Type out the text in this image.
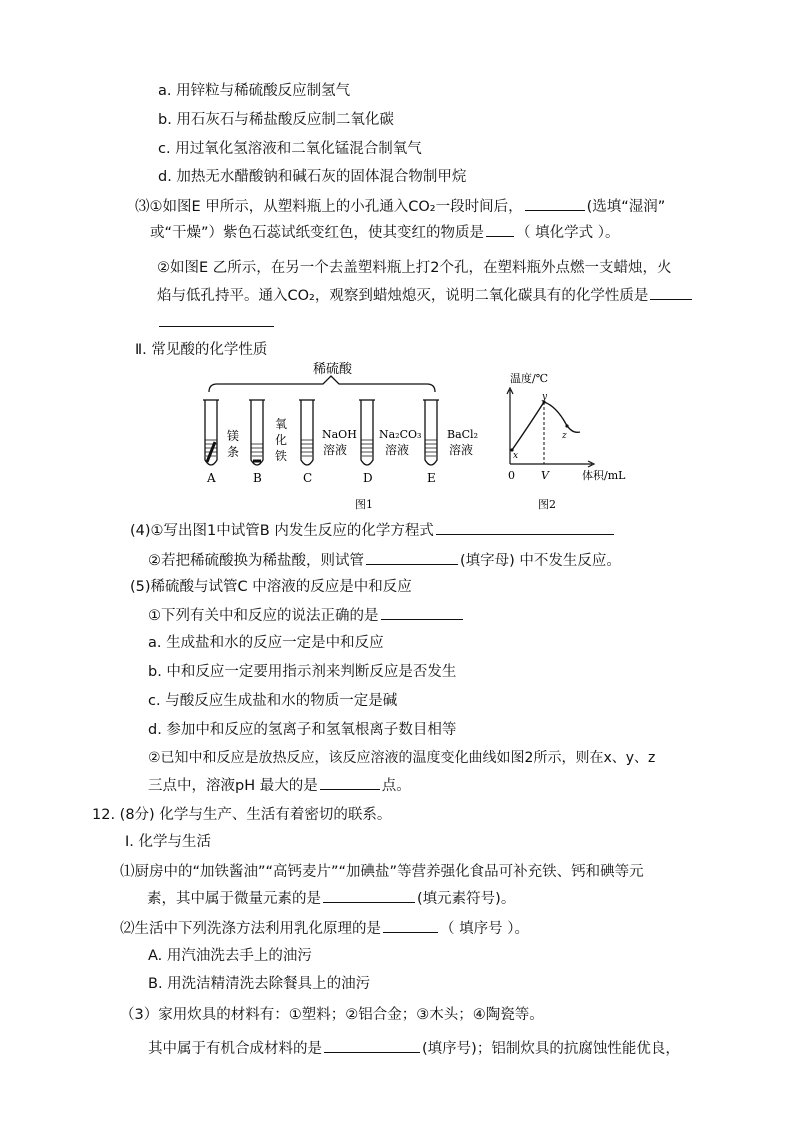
a. 用锌粒与稀硫酸反应制氢气
b. 用石灰石与稀盐酸反应制二氧化碳
c. 用过氧化氢溶液和二氧化锰混合制氧气
d. 加热无水醋酸钠和碱石灰的固体混合物制甲烷
⑶①如图E 甲所示，从塑料瓶上的小孔通入CO₂一段时间后，	(选填“湿润”
或“干燥”）紫色石蕊试纸变红色，使其变红的物质是 （ 填化学式 ）。
②如图E 乙所示，在另一个去盖塑料瓶上打2个孔，在塑料瓶外点燃一支蜡烛，火
焰与低孔持平。通入CO₂，观察到蜡烛熄灭，说明二氧化碳具有的化学性质是
Ⅱ. 常见酸的化学性质
稀硫酸
镁
条
A
氧
化
铁
B
NaOH
溶液
C
Na₂CO₃
溶液
D
BaCl₂
溶液
E
图1
温度/℃
x
y
z
0 V	体积/mL
图2
(4)①写出图1中试管B 内发生反应的化学方程式
②若把稀硫酸换为稀盐酸，则试管	(填字母) 中不发生反应。
(5)稀硫酸与试管C 中溶液的反应是中和反应
①下列有关中和反应的说法正确的是
a. 生成盐和水的反应一定是中和反应
b. 中和反应一定要用指示剂来判断反应是否发生
c. 与酸反应生成盐和水的物质一定是碱
d. 参加中和反应的氢离子和氢氧根离子数目相等
②已知中和反应是放热反应，该反应溶液的温度变化曲线如图2所示，则在x、y、z
三点中，溶液pH 最大的是	点。
12. (8分) 化学与生产、生活有着密切的联系。
I. 化学与生活
⑴厨房中的“加铁酱油”“高钙麦片”“加碘盐”等营养强化食品可补充铁、钙和碘等元
素，其中属于微量元素的是	(填元素符号)。
⑵生活中下列洗涤方法利用乳化原理的是	（ 填序号 ）。
A. 用汽油洗去手上的油污
B. 用洗洁精清洗去除餐具上的油污
（3）家用炊具的材料有：①塑料；②铝合金；③木头；④陶瓷等。
其中属于有机合成材料的是	(填序号)；铝制炊具的抗腐蚀性能优良，
